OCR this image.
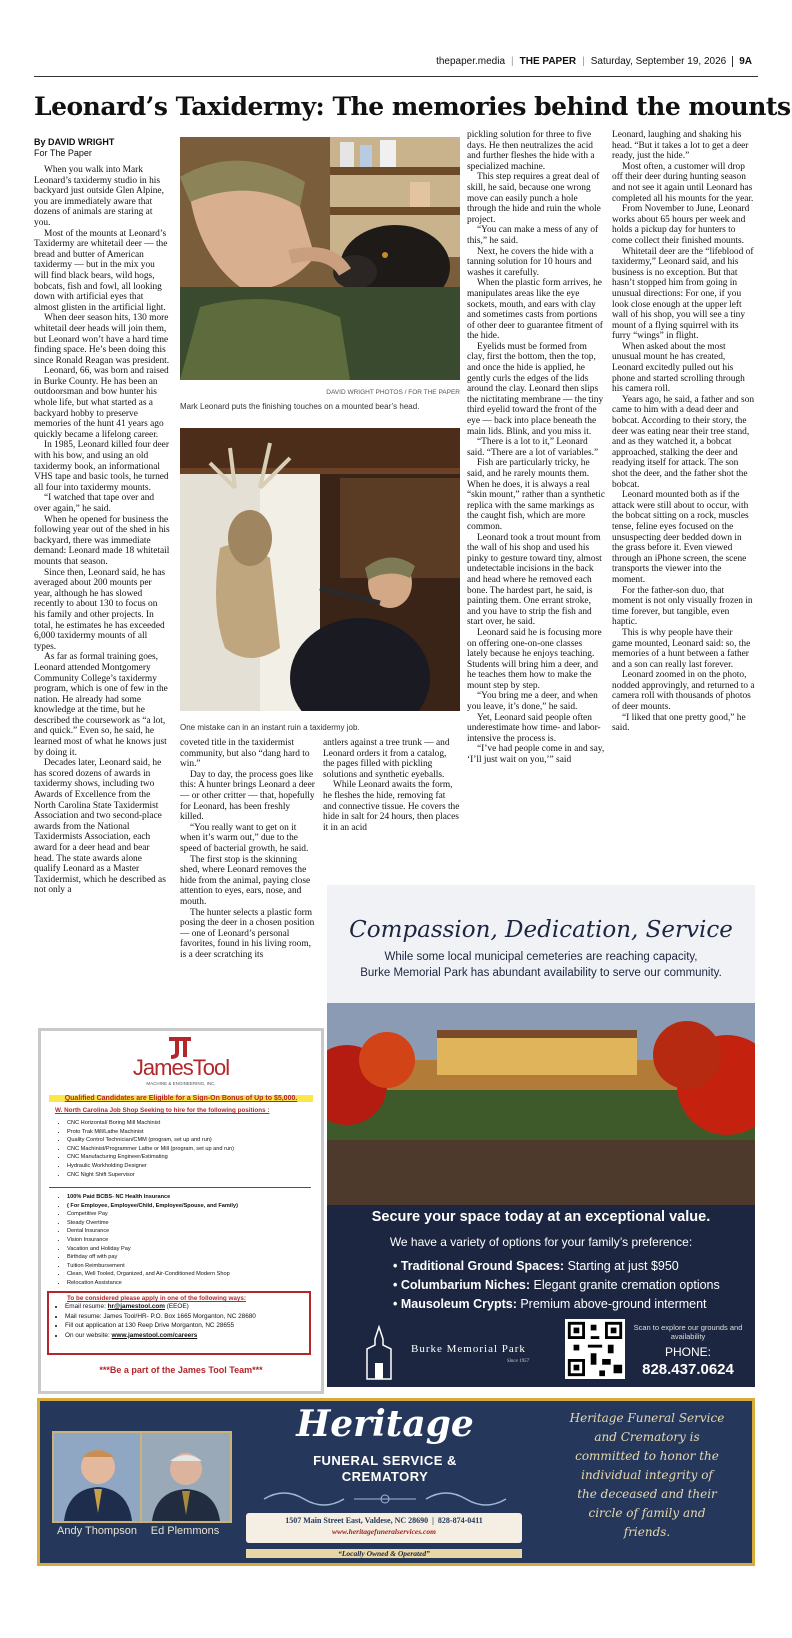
thepaper.media | THE PAPER | Saturday, September 19, 2026 9A
Leonard’s Taxidermy: The memories behind the mounts
By DAVID WRIGHT
For The Paper

When you walk into Mark Leonard’s taxidermy studio in his backyard just outside Glen Alpine, you are immediately aware that dozens of animals are staring at you.

Most of the mounts at Leonard’s Taxidermy are whitetail deer — the bread and butter of American taxidermy — but in the mix you will find black bears, wild hogs, bobcats, fish and fowl, all looking down with artificial eyes that almost glisten in the artificial light.

When deer season hits, 130 more whitetail deer heads will join them, but Leonard won’t have a hard time finding space. He’s been doing this since Ronald Reagan was president.

Leonard, 66, was born and raised in Burke County. He has been an outdoorsman and bow hunter his whole life, but what started as a backyard hobby to preserve memories of the hunt 41 years ago quickly became a lifelong career.

In 1985, Leonard killed four deer with his bow, and using an old taxidermy book, an informational VHS tape and basic tools, he turned all four into taxidermy mounts.

“I watched that tape over and over again,” he said.

When he opened for business the following year out of the shed in his backyard, there was immediate demand: Leonard made 18 whitetail mounts that season.

Since then, Leonard said, he has averaged about 200 mounts per year, although he has slowed recently to about 130 to focus on his family and other projects. In total, he estimates he has exceeded 6,000 taxidermy mounts of all types.

As far as formal training goes, Leonard attended Montgomery Community College’s taxidermy program, which is one of few in the nation. He already had some knowledge at the time, but he described the coursework as “a lot, and quick.” Even so, he said, he learned most of what he knows just by doing it.

Decades later, Leonard said, he has scored dozens of awards in taxidermy shows, including two Awards of Excellence from the North Carolina State Taxidermist Association and two second-place awards from the National Taxidermists Association, each award for a deer head and bear head. The state awards alone qualify Leonard as a Master Taxidermist, which he described as not only a

DAVID WRIGHT PHOTOS / FOR THE PAPER
Mark Leonard puts the finishing touches on a mounted bear’s head.
One mistake can in an instant ruin a taxidermy job.

coveted title in the taxidermist community, but also “dang hard to win.”

Day to day, the process goes like this: A hunter brings Leonard a deer — or other critter — that, hopefully for Leonard, has been freshly killed.

“You really want to get on it when it’s warm out,” due to the speed of bacterial growth, he said.

The first stop is the skinning shed, where Leonard removes the hide from the animal, paying close attention to eyes, ears, nose, and mouth.

The hunter selects a plastic form posing the deer in a chosen position — one of Leonard’s personal favorites, found in his living room, is a deer scratching its

antlers against a tree trunk — and Leonard orders it from a catalog, the pages filled with pickling solutions and synthetic eyeballs.

While Leonard awaits the form, he fleshes the hide, removing fat and connective tissue. He covers the hide in salt for 24 hours, then places it in an acid

pickling solution for three to five days. He then neutralizes the acid and further fleshes the hide with a specialized machine.

This step requires a great deal of skill, he said, because one wrong move can easily punch a hole through the hide and ruin the whole project.

“You can make a mess of any of this,” he said.

Next, he covers the hide with a tanning solution for 10 hours and washes it carefully.

When the plastic form arrives, he manipulates areas like the eye sockets, mouth, and ears with clay and sometimes casts from portions of other deer to guarantee fitment of the hide.

Eyelids must be formed from clay, first the bottom, then the top, and once the hide is applied, he gently curls the edges of the lids around the clay. Leonard then slips the nictitating membrane — the tiny third eyelid toward the front of the eye — back into place beneath the main lids. Blink, and you miss it.

“There is a lot to it,” Leonard said. “There are a lot of variables.”

Fish are particularly tricky, he said, and he rarely mounts them. When he does, it is always a real “skin mount,” rather than a synthetic replica with the same markings as the caught fish, which are more common.

Leonard took a trout mount from the wall of his shop and used his pinky to gesture toward tiny, almost undetectable incisions in the back and head where he removed each bone. The hardest part, he said, is painting them. One errant stroke, and you have to strip the fish and start over, he said.

Leonard said he is focusing more on offering one-on-one classes lately because he enjoys teaching. Students will bring him a deer, and he teaches them how to make the mount step by step.

“You bring me a deer, and when you leave, it’s done,” he said.

Yet, Leonard said people often underestimate how time- and labor-intensive the process is.

“I’ve had people come in and say, ‘I’ll just wait on you,’” said

Leonard, laughing and shaking his head. “But it takes a lot to get a deer ready, just the hide.”

Most often, a customer will drop off their deer during hunting season and not see it again until Leonard has completed all his mounts for the year.

From November to June, Leonard works about 65 hours per week and holds a pickup day for hunters to come collect their finished mounts.

Whitetail deer are the “lifeblood of taxidermy,” Leonard said, and his business is no exception. But that hasn’t stopped him from going in unusual directions: For one, if you look close enough at the upper left wall of his shop, you will see a tiny mount of a flying squirrel with its furry “wings” in flight.

When asked about the most unusual mount he has created, Leonard excitedly pulled out his phone and started scrolling through his camera roll.

Years ago, he said, a father and son came to him with a dead deer and bobcat. According to their story, the deer was eating near their tree stand, and as they watched it, a bobcat approached, stalking the deer and readying itself for attack. The son shot the deer, and the father shot the bobcat.

Leonard mounted both as if the attack were still about to occur, with the bobcat sitting on a rock, muscles tense, feline eyes focused on the unsuspecting deer bedded down in the grass before it. Even viewed through an iPhone screen, the scene transports the viewer into the moment.

For the father-son duo, that moment is not only visually frozen in time forever, but tangible, even haptic.

This is why people have their game mounted, Leonard said: so, the memories of a hunt between a father and a son can really last forever.

Leonard zoomed in on the photo, nodded approvingly, and returned to a camera roll with thousands of photos of deer mounts.

“I liked that one pretty good,” he said.

Compassion, Dedication, Service
While some local municipal cemeteries are reaching capacity,
Burke Memorial Park has abundant availability to serve our community.
Secure your space today at an exceptional value.
We have a variety of options for your family’s preference:
• Traditional Ground Spaces: Starting at just $950
• Columbarium Niches: Elegant granite cremation options
• Mausoleum Crypts: Premium above-ground interment
Burke Memorial Park
Since 1957
Scan to explore our grounds and availability
PHONE:
828.437.0624
JamesTool
MACHINE & ENGINEERING, INC.
Qualified Candidates are Eligible for a Sign-On Bonus of Up to $5,000.
W. North Carolina Job Shop Seeking to hire for the following positions :
• CNC Horizontal/ Boring Mill Machinist
• Proto Trak Mill/Lathe Machinist
• Quality Control Technician/CMM (program, set up and run)
• CNC Machinist/Programmer Lathe or Mill (program, set up and run)
• CNC Manufacturing Engineer/Estimating
• Hydraulic Workholding Designer
• CNC Night Shift Supervisor
• 100% Paid BCBS- NC Health Insurance
• ( For Employee, Employee/Child, Employee/Spouse, and Family)
• Competitive Pay
• Steady Overtime
• Dental Insurance
• Vision Insurance
• Vacation and Holiday Pay
• Birthday off with pay
• Tuition Reimbursement
• Clean, Well Tooled, Organized, and Air-Conditioned Modern Shop
• Relocation Assistance
To be considered please apply in one of the following ways:
• Email resume: hr@jamestool.com (EEOE)
• Mail resume: James Tool/HR- P.O. Box 1665 Morganton, NC 28680
• Fill out application at 130 Reep Drive Morganton, NC 28655
• On our website: www.jamestool.com/careers
***Be a part of the James Tool Team***
Andy Thompson	Ed Plemmons
Heritage
FUNERAL SERVICE &
CREMATORY
1507 Main Street East, Valdese, NC 28690  |  828-874-0411
www.heritagefuneralservices.com
“Locally Owned & Operated”
Heritage Funeral Service
and Crematory is
committed to honor the
individual integrity of
the deceased and their
circle of family and
friends.
